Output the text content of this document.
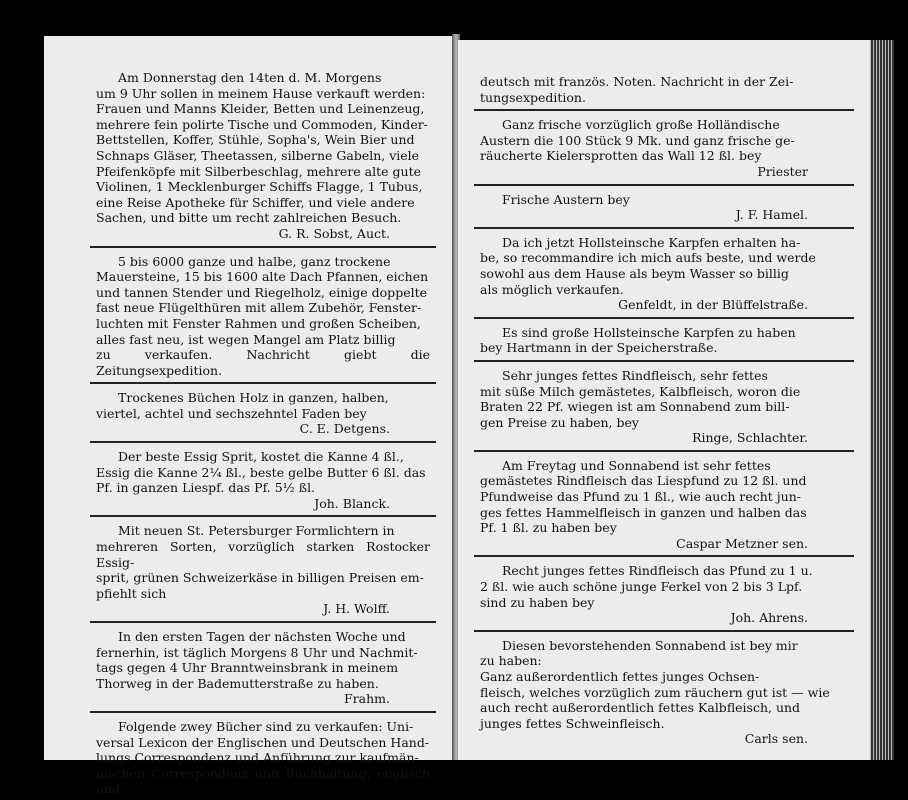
Am Donnerstag den 14ten d. M. Morgens

um 9 Uhr sollen in meinem Hause verkauft werden:

Frauen und Manns Kleider, Betten und Leinenzeug,

mehrere fein polirte Tische und Commoden, Kinder-

Bettstellen, Koffer, Stühle, Sopha's, Wein Bier und

Schnaps Gläser, Theetassen, silberne Gabeln, viele

Pfeifenköpfe mit Silberbeschlag, mehrere alte gute

Violinen, 1 Mecklenburger Schiffs Flagge, 1 Tubus,

eine Reise Apotheke für Schiffer, und viele andere

Sachen, und bitte um recht zahlreichen Besuch.

G. R. Sobst, Auct.

5 bis 6000 ganze und halbe, ganz trockene

Mauersteine, 15 bis 1600 alte Dach Pfannen, eichen

und tannen Stender und Riegelholz, einige doppelte

fast neue Flügelthüren mit allem Zubehör, Fenster-

luchten mit Fenster Rahmen und großen Scheiben,

alles fast neu, ist wegen Mangel am Platz billig

zu verkaufen. Nachricht giebt die Zeitungsexpedition.

Trockenes Büchen Holz in ganzen, halben,

viertel, achtel und sechszehntel Faden bey

C. E. Detgens.

Der beste Essig Sprit, kostet die Kanne 4 ßl.,

Essig die Kanne 2¼ ßl., beste gelbe Butter 6 ßl. das

Pf. in ganzen Liespf. das Pf. 5½ ßl.

Joh. Blanck.

Mit neuen St. Petersburger Formlichtern in

mehreren Sorten, vorzüglich starken Rostocker Essig-

sprit, grünen Schweizerkäse in billigen Preisen em-

pfiehlt sich

J. H. Wolff.

In den ersten Tagen der nächsten Woche und

fernerhin, ist täglich Morgens 8 Uhr und Nachmit-

tags gegen 4 Uhr Branntweinsbrank in meinem

Thorweg in der Bademutterstraße zu haben.

Frahm.

Folgende zwey Bücher sind zu verkaufen: Uni-

versal Lexicon der Englischen und Deutschen Hand-

lungs Correspondenz und Anführung zur kaufmän-

nischen Correspondenz und Buchhaltung, englisch und

deutsch mit französ. Noten. Nachricht in der Zei-

tungsexpedition.

Ganz frische vorzüglich große Holländische

Austern die 100 Stück 9 Mk. und ganz frische ge-

räucherte Kielersprotten das Wall 12 ßl. bey

Priester

Frische Austern bey

J. F. Hamel.

Da ich jetzt Hollsteinsche Karpfen erhalten ha-

be, so recommandire ich mich aufs beste, und werde

sowohl aus dem Hause als beym Wasser so billig

als möglich verkaufen.

Genfeldt, in der Blüffelstraße.

Es sind große Hollsteinsche Karpfen zu haben

bey Hartmann in der Speicherstraße.

Sehr junges fettes Rindfleisch, sehr fettes

mit süße Milch gemästetes, Kalbfleisch, woron die

Braten 22 Pf. wiegen ist am Sonnabend zum bill-

gen Preise zu haben, bey

Ringe, Schlachter.

Am Freytag und Sonnabend ist sehr fettes

gemästetes Rindfleisch das Liespfund zu 12 ßl. und

Pfundweise das Pfund zu 1 ßl., wie auch recht jun-

ges fettes Hammelfleisch in ganzen und halben das

Pf. 1 ßl. zu haben bey

Caspar Metzner sen.

Recht junges fettes Rindfleisch das Pfund zu 1 u.

2 ßl. wie auch schöne junge Ferkel von 2 bis 3 Lpf.

sind zu haben bey

Joh. Ahrens.

Diesen bevorstehenden Sonnabend ist bey mir

zu haben:

Ganz außerordentlich fettes junges Ochsen-

fleisch, welches vorzüglich zum räuchern gut ist — wie

auch recht außerordentlich fettes Kalbfleisch, und

junges fettes Schweinfleisch.

Carls sen.
